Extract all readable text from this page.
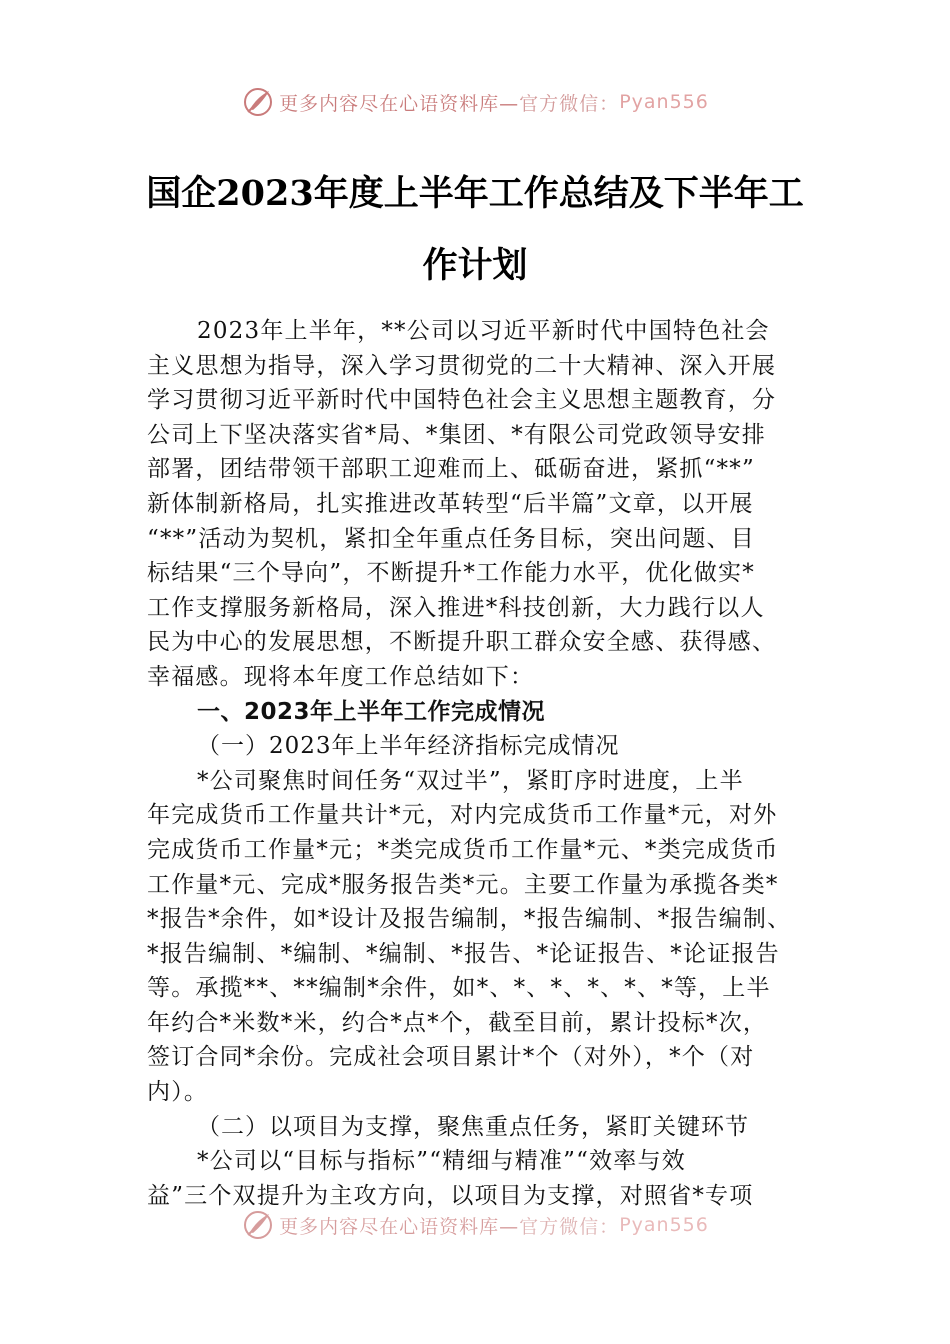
更多内容尽在心语资料库— 官方微信： Pyan556
国企2023年度上半年工作总结及下半年工
作计划
2023年上半年，**公司以习近平新时代中国特色社会
主义思想为指导，深入学习贯彻党的二十大精神、深入开展
学习贯彻习近平新时代中国特色社会主义思想主题教育，分
公司上下坚决落实省*局、*集团、*有限公司党政领导安排
部署，团结带领干部职工迎难而上、砥砺奋进，紧抓“**”
新体制新格局，扎实推进改革转型“后半篇”文章，以开展
“**”活动为契机，紧扣全年重点任务目标，突出问题、目
标结果“三个导向”，不断提升*工作能力水平，优化做实*
工作支撑服务新格局，深入推进*科技创新，大力践行以人
民为中心的发展思想，不断提升职工群众安全感、获得感、
幸福感。现将本年度工作总结如下：
一、2023年上半年工作完成情况
（一）2023年上半年经济指标完成情况
*公司聚焦时间任务“双过半”，紧盯序时进度，上半
年完成货币工作量共计*元，对内完成货币工作量*元，对外
完成货币工作量*元；*类完成货币工作量*元、*类完成货币
工作量*元、完成*服务报告类*元。主要工作量为承揽各类*
*报告*余件，如*设计及报告编制，*报告编制、*报告编制、
*报告编制、*编制、*编制、*报告、*论证报告、*论证报告
等。承揽**、**编制*余件，如*、*、*、*、*、*等，上半
年约合*米数*米，约合*点*个，截至目前，累计投标*次，
签订合同*余份。完成社会项目累计*个（对外），*个（对
内）。
（二）以项目为支撑，聚焦重点任务，紧盯关键环节
*公司以“目标与指标”“精细与精准”“效率与效
益”三个双提升为主攻方向，以项目为支撑，对照省*专项
更多内容尽在心语资料库— 官方微信： Pyan556
